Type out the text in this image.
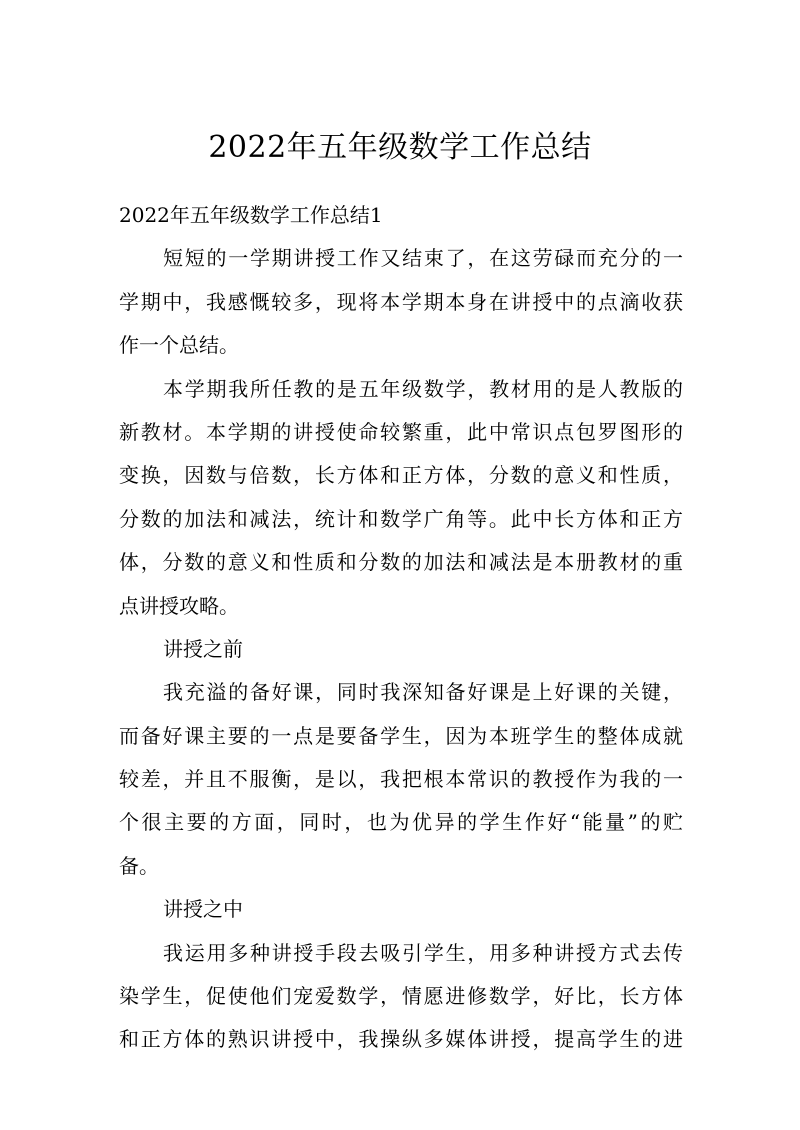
2022年五年级数学工作总结

2022年五年级数学工作总结1

短短的一学期讲授工作又结束了，在这劳碌而充分的一

学期中，我感慨较多，现将本学期本身在讲授中的点滴收获

作一个总结。

本学期我所任教的是五年级数学，教材用的是人教版的

新教材。本学期的讲授使命较繁重，此中常识点包罗图形的

变换，因数与倍数，长方体和正方体，分数的意义和性质，

分数的加法和减法，统计和数学广角等。此中长方体和正方

体，分数的意义和性质和分数的加法和减法是本册教材的重

点讲授攻略。

讲授之前

我充溢的备好课，同时我深知备好课是上好课的关键，

而备好课主要的一点是要备学生，因为本班学生的整体成就

较差，并且不服衡，是以，我把根本常识的教授作为我的一

个很主要的方面，同时，也为优异的学生作好“能量”的贮

备。

讲授之中

我运用多种讲授手段去吸引学生，用多种讲授方式去传

染学生，促使他们宠爱数学，情愿进修数学，好比，长方体

和正方体的熟识讲授中，我操纵多媒体讲授，提高学生的进
